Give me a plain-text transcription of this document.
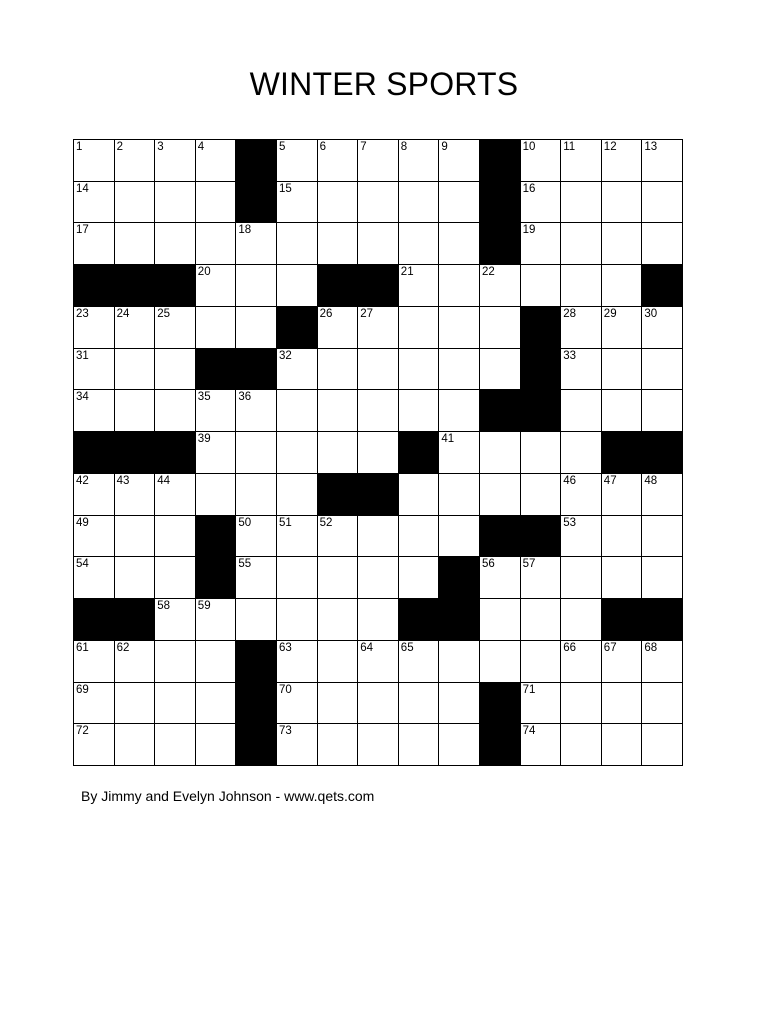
WINTER SPORTS
1	2	3	4	5	6	7	8	9	10 11 12 13
14	15	16
17	18	19
20	21	22
23 24 25	26 27	28 29 30
31	32	33
34	35 36
39	41
42 43 44	46 47 48
49	50 51 52	53
54	55	56 57
58 59
61 62	63	64 65	66 67 68
69	70	71
72	73	74
By Jimmy and Evelyn Johnson - www.qets.com
